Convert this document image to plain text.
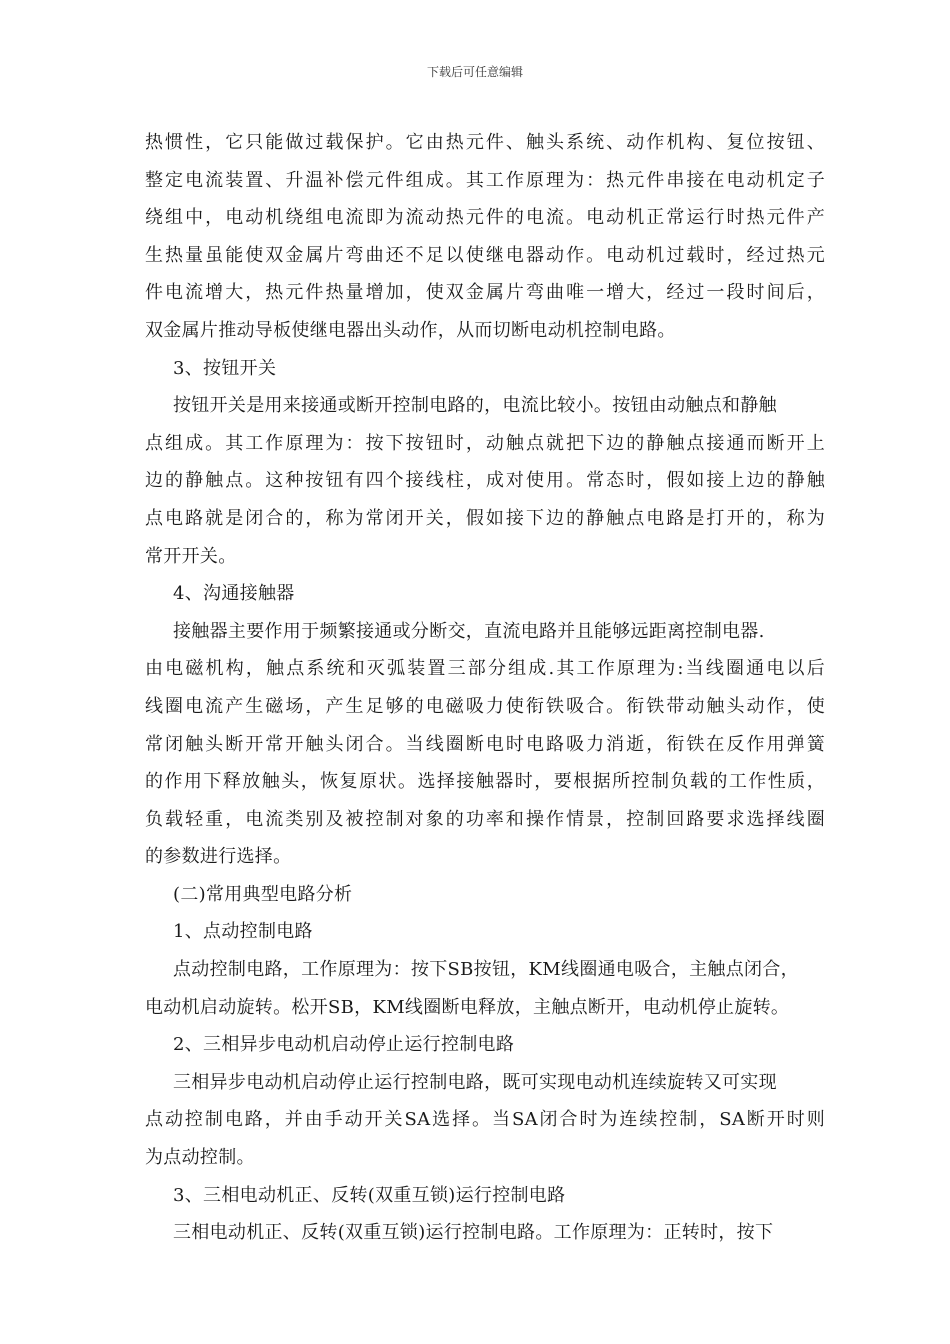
下载后可任意编辑
热惯性，它只能做过载保护。它由热元件、触头系统、动作机构、复位按钮、
整定电流装置、升温补偿元件组成。其工作原理为：热元件串接在电动机定子
绕组中，电动机绕组电流即为流动热元件的电流。电动机正常运行时热元件产
生热量虽能使双金属片弯曲还不足以使继电器动作。电动机过载时，经过热元
件电流增大，热元件热量增加，使双金属片弯曲唯一增大，经过一段时间后，
双金属片推动导板使继电器出头动作，从而切断电动机控制电路。
3、按钮开关
按钮开关是用来接通或断开控制电路的，电流比较小。按钮由动触点和静触
点组成。其工作原理为：按下按钮时，动触点就把下边的静触点接通而断开上
边的静触点。这种按钮有四个接线柱，成对使用。常态时，假如接上边的静触
点电路就是闭合的，称为常闭开关，假如接下边的静触点电路是打开的，称为
常开开关。
4、沟通接触器
接触器主要作用于频繁接通或分断交，直流电路并且能够远距离控制电器.
由电磁机构，触点系统和灭弧装置三部分组成.其工作原理为:当线圈通电以后
线圈电流产生磁场，产生足够的电磁吸力使衔铁吸合。衔铁带动触头动作，使
常闭触头断开常开触头闭合。当线圈断电时电路吸力消逝，衔铁在反作用弹簧
的作用下释放触头，恢复原状。选择接触器时，要根据所控制负载的工作性质，
负载轻重，电流类别及被控制对象的功率和操作情景，控制回路要求选择线圈
的参数进行选择。
(二)常用典型电路分析
1、点动控制电路
点动控制电路，工作原理为：按下SB按钮，KM线圈通电吸合，主触点闭合，
电动机启动旋转。松开SB，KM线圈断电释放，主触点断开，电动机停止旋转。
2、三相异步电动机启动停止运行控制电路
三相异步电动机启动停止运行控制电路，既可实现电动机连续旋转又可实现
点动控制电路，并由手动开关SA选择。当SA闭合时为连续控制，SA断开时则
为点动控制。
3、三相电动机正、反转(双重互锁)运行控制电路
三相电动机正、反转(双重互锁)运行控制电路。工作原理为：正转时，按下
